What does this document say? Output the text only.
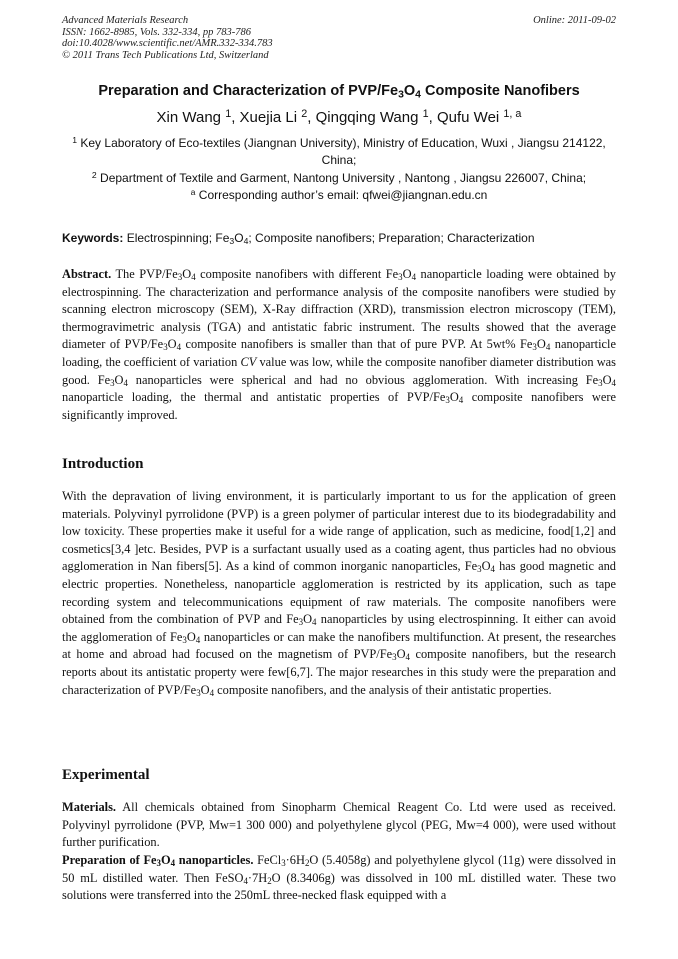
Advanced Materials Research
ISSN: 1662-8985, Vols. 332-334, pp 783-786
doi:10.4028/www.scientific.net/AMR.332-334.783
© 2011 Trans Tech Publications Ltd, Switzerland
Online: 2011-09-02
Preparation and Characterization of PVP/$Fe_3O_4$ Composite Nanofibers
Xin Wang $^1$, Xuejia Li $^2$, Qingqing Wang $^1$, Qufu Wei $^{1, a}$
$^1$ Key Laboratory of Eco-textiles (Jiangnan University), Ministry of Education, Wuxi , Jiangsu 214122,
China;
$^2$ Department of Textile and Garment, Nantong University , Nantong , Jiangsu 226007, China;
$^a$ Corresponding author’s email: qfwei@jiangnan.edu.cn
Keywords: Electrospinning; $Fe_3O_4$; Composite nanofibers; Preparation; Characterization
Abstract. The PVP/$Fe_3O_4$ composite nanofibers with different $Fe_3O_4$ nanoparticle loading were obtained by electrospinning. The characterization and performance analysis of the composite nanofibers were studied by scanning electron microscopy (SEM), X-Ray diffraction (XRD), transmission electron microscopy (TEM), thermogravimetric analysis (TGA) and antistatic fabric instrument. The results showed that the average diameter of PVP/$Fe_3O_4$ composite nanofibers is smaller than that of pure PVP. At 5wt% $Fe_3O_4$ nanoparticle loading, the coefficient of variation CV value was low, while the composite nanofiber diameter distribution was good. $Fe_3O_4$ nanoparticles were spherical and had no obvious agglomeration. With increasing $Fe_3O_4$ nanoparticle loading, the thermal and antistatic properties of PVP/$Fe_3O_4$ composite nanofibers were significantly improved.
Introduction
With the depravation of living environment, it is particularly important to us for the application of green materials. Polyvinyl pyrrolidone (PVP) is a green polymer of particular interest due to its biodegradability and low toxicity. These properties make it useful for a wide range of application, such as medicine, food[1,2] and cosmetics[3,4 ]etc. Besides, PVP is a surfactant usually used as a coating agent, thus particles had no obvious agglomeration in Nan fibers[5]. As a kind of common inorganic nanoparticles, $Fe_3O_4$ has good magnetic and electric properties. Nonetheless, nanoparticle agglomeration is restricted by its application, such as tape recording system and telecommunications equipment of raw materials. The composite nanofibers were obtained from the combination of PVP and $Fe_3O_4$ nanoparticles by using electrospinning. It either can avoid the agglomeration of $Fe_3O_4$ nanoparticles or can make the nanofibers multifunction. At present, the researches at home and abroad had focused on the magnetism of PVP/$Fe_3O_4$ composite nanofibers, but the research reports about its antistatic property were few[6,7]. The major researches in this study were the preparation and characterization of PVP/$Fe_3O_4$ composite nanofibers, and the analysis of their antistatic properties.
Experimental
Materials. All chemicals obtained from Sinopharm Chemical Reagent Co. Ltd were used as received. Polyvinyl pyrrolidone (PVP, Mw=1 300 000) and polyethylene glycol (PEG, Mw=4 000), were used without further purification.
Preparation of $Fe_3O_4$ nanoparticles. $FeCl_3\cdot 6H_2O$ (5.4058g) and polyethylene glycol (11g) were dissolved in 50 mL distilled water. Then $FeSO_4\cdot 7H_2O$ (8.3406g) was dissolved in 100 mL distilled water. These two solutions were transferred into the 250mL three-necked flask equipped with a
